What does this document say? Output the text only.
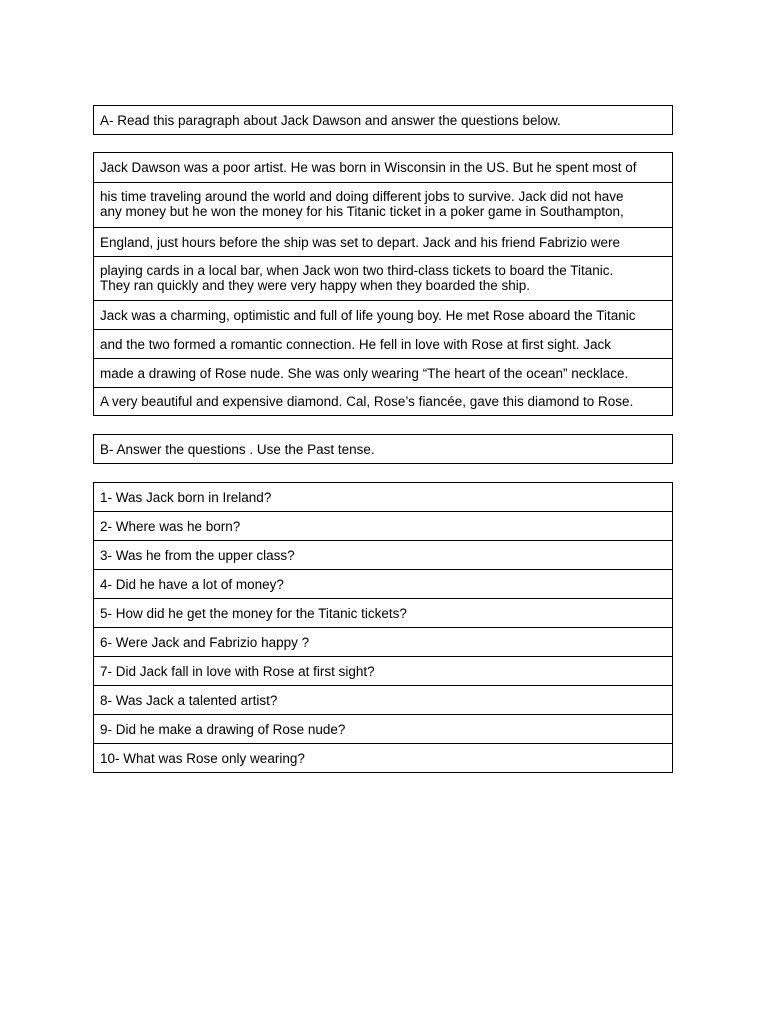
A- Read this paragraph about Jack Dawson and answer the questions below.
Jack Dawson was a poor artist. He was born in Wisconsin in the US. But he spent most of
his time traveling around the world and doing different jobs to survive. Jack did not have
any money but he won the money for his Titanic ticket in a poker game in Southampton,
England, just hours before the ship was set to depart. Jack and his friend Fabrizio were
playing cards in a local bar, when Jack won two third-class tickets to board the Titanic.
They ran quickly and they were very happy when they boarded the ship.
Jack was a charming, optimistic and full of life young boy. He met Rose aboard the Titanic
and the two formed a romantic connection. He fell in love with Rose at first sight. Jack
made a drawing of Rose nude. She was only wearing “The heart of the ocean” necklace.
A very beautiful and expensive diamond. Cal, Rose’s fiancée, gave this diamond to Rose.
B- Answer the questions . Use the Past tense.
1- Was Jack born in Ireland?
2- Where was he born?
3- Was he from the upper class?
4- Did he have a lot of money?
5- How did he get the money for the Titanic tickets?
6- Were Jack and Fabrizio happy ?
7- Did Jack fall in love with Rose at first sight?
8- Was Jack a talented artist?
9- Did he make a drawing of Rose nude?
10- What was Rose only wearing?
